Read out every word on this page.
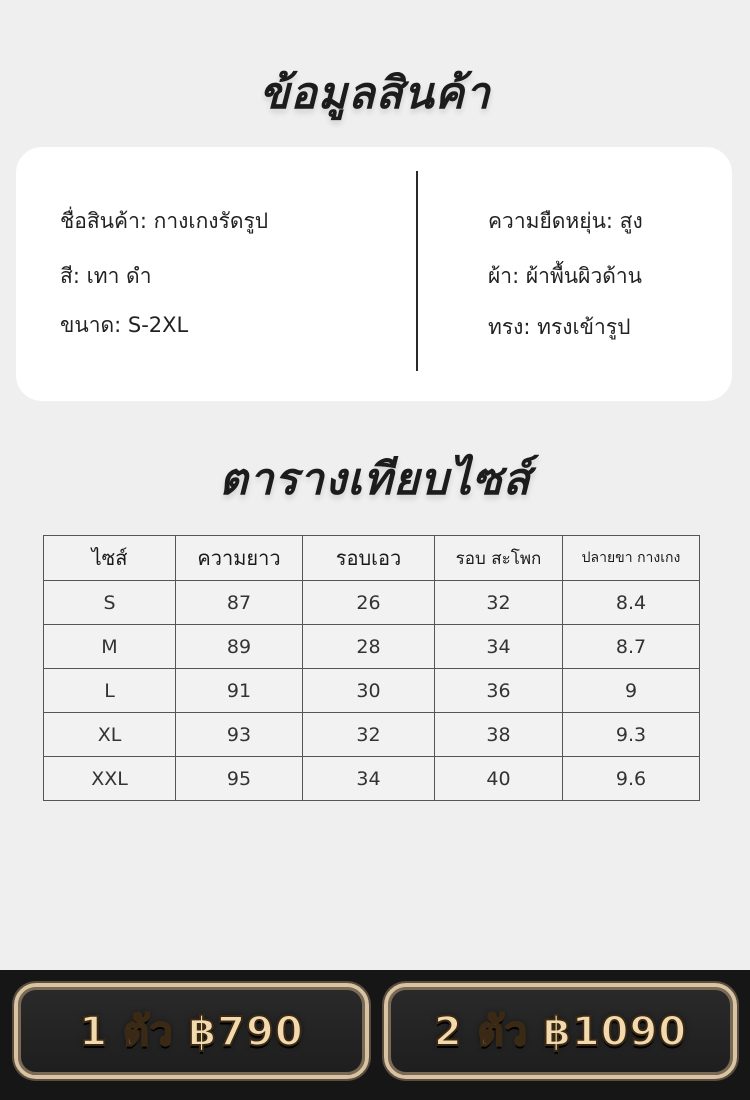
ข้อมูลสินค้า
ชื่อสินค้า: กางเกงรัดรูป
สี: เทา ดำ
ขนาด: S-2XL
ความยืดหยุ่น: สูง
ผ้า: ผ้าพื้นผิวด้าน
ทรง: ทรงเข้ารูป
ตารางเทียบไซส์
ไซส์	ความยาว	รอบเอว	รอบ สะโพก	ปลายขา กางเกง
S	87	26	32	8.4
M	89	28	34	8.7
L	91	30	36	9
XL	93	32	38	9.3
XXL	95	34	40	9.6
1 ตัว ฿790	2 ตัว ฿1090
